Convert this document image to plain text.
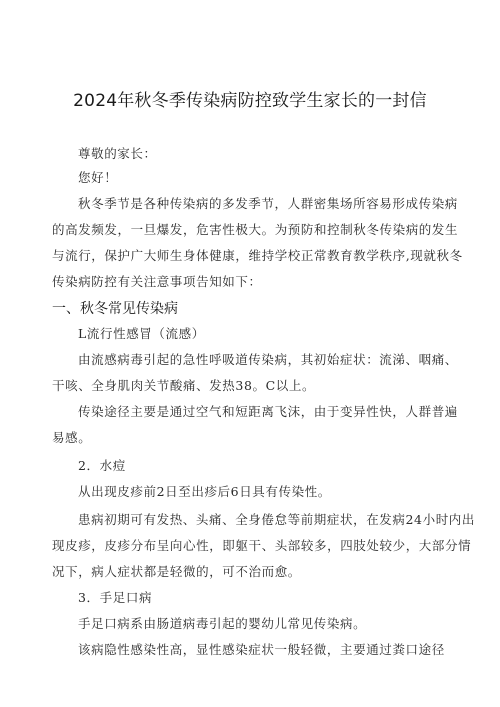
2024年秋冬季传染病防控致学生家长的一封信
尊敬的家长：
您好！
秋冬季节是各种传染病的多发季节，人群密集场所容易形成传染病
的高发频发，一旦爆发，危害性极大。为预防和控制秋冬传染病的发生
与流行，保护广大师生身体健康，维持学校正常教育教学秩序,现就秋冬
传染病防控有关注意事项告知如下：
一、秋冬常见传染病
L流行性感冒（流感）
由流感病毒引起的急性呼吸道传染病，其初始症状：流涕、咽痛、
干咳、全身肌肉关节酸痛、发热38。C以上。
传染途径主要是通过空气和短距离飞沫，由于变异性快，人群普遍
易感。
2．水痘
从出现皮疹前2日至出疹后6日具有传染性。
患病初期可有发热、头痛、全身倦怠等前期症状，在发病24小时内出
现皮疹，皮疹分布呈向心性，即躯干、头部较多，四肢处较少，大部分情
况下，病人症状都是轻微的，可不治而愈。
3．手足口病
手足口病系由肠道病毒引起的婴幼儿常见传染病。
该病隐性感染性高，显性感染症状一般轻微，主要通过粪口途径
